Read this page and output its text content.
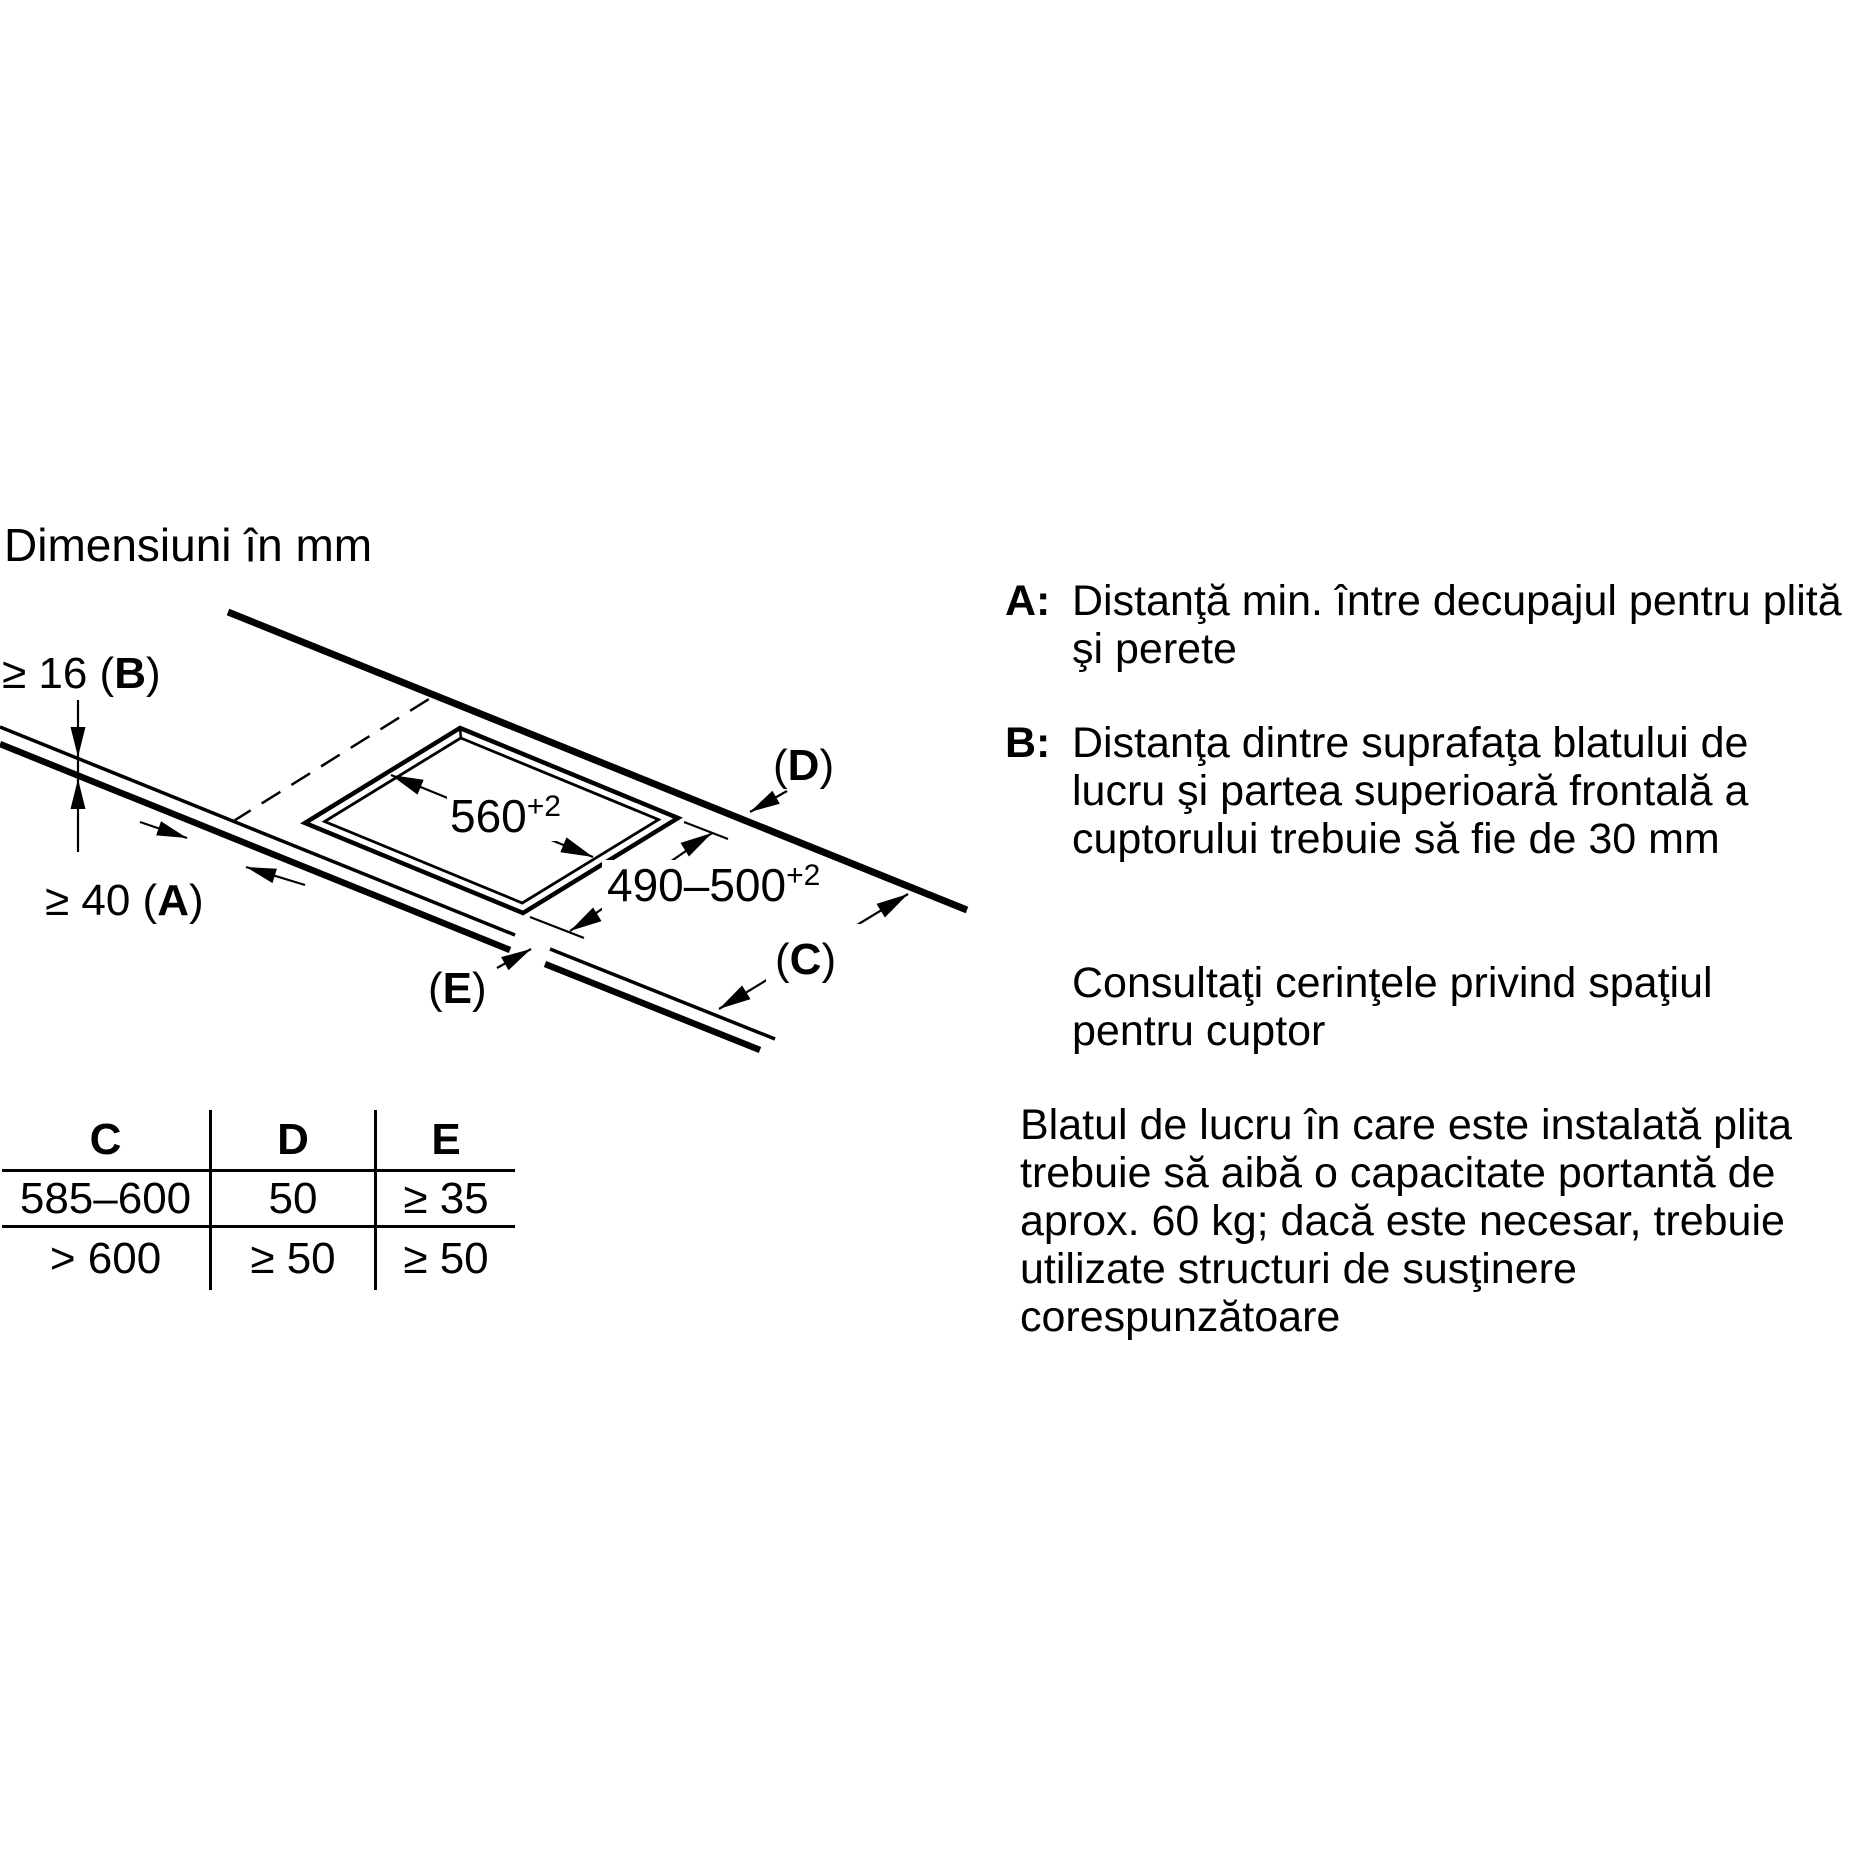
Dimensiuni în mm
$560^{+2}$
$490-500^{+2}$
≥ 16 (B)
≥ 40 (A)
(D)
(C)
(E)
C	D	E
585–600	50	≥ 35
> 600	≥ 50	≥ 50
A: Distanţă min. între decupajul pentru plită şi perete
B: Distanţa dintre suprafaţa blatului de lucru şi partea superioară frontală a cuptorului trebuie să fie de 30 mm
Consultaţi cerinţele privind spaţiul pentru cuptor
Blatul de lucru în care este instalată plita trebuie să aibă o capacitate portantă de aprox. 60 kg; dacă este necesar, trebuie utilizate structuri de susţinere corespunzătoare
